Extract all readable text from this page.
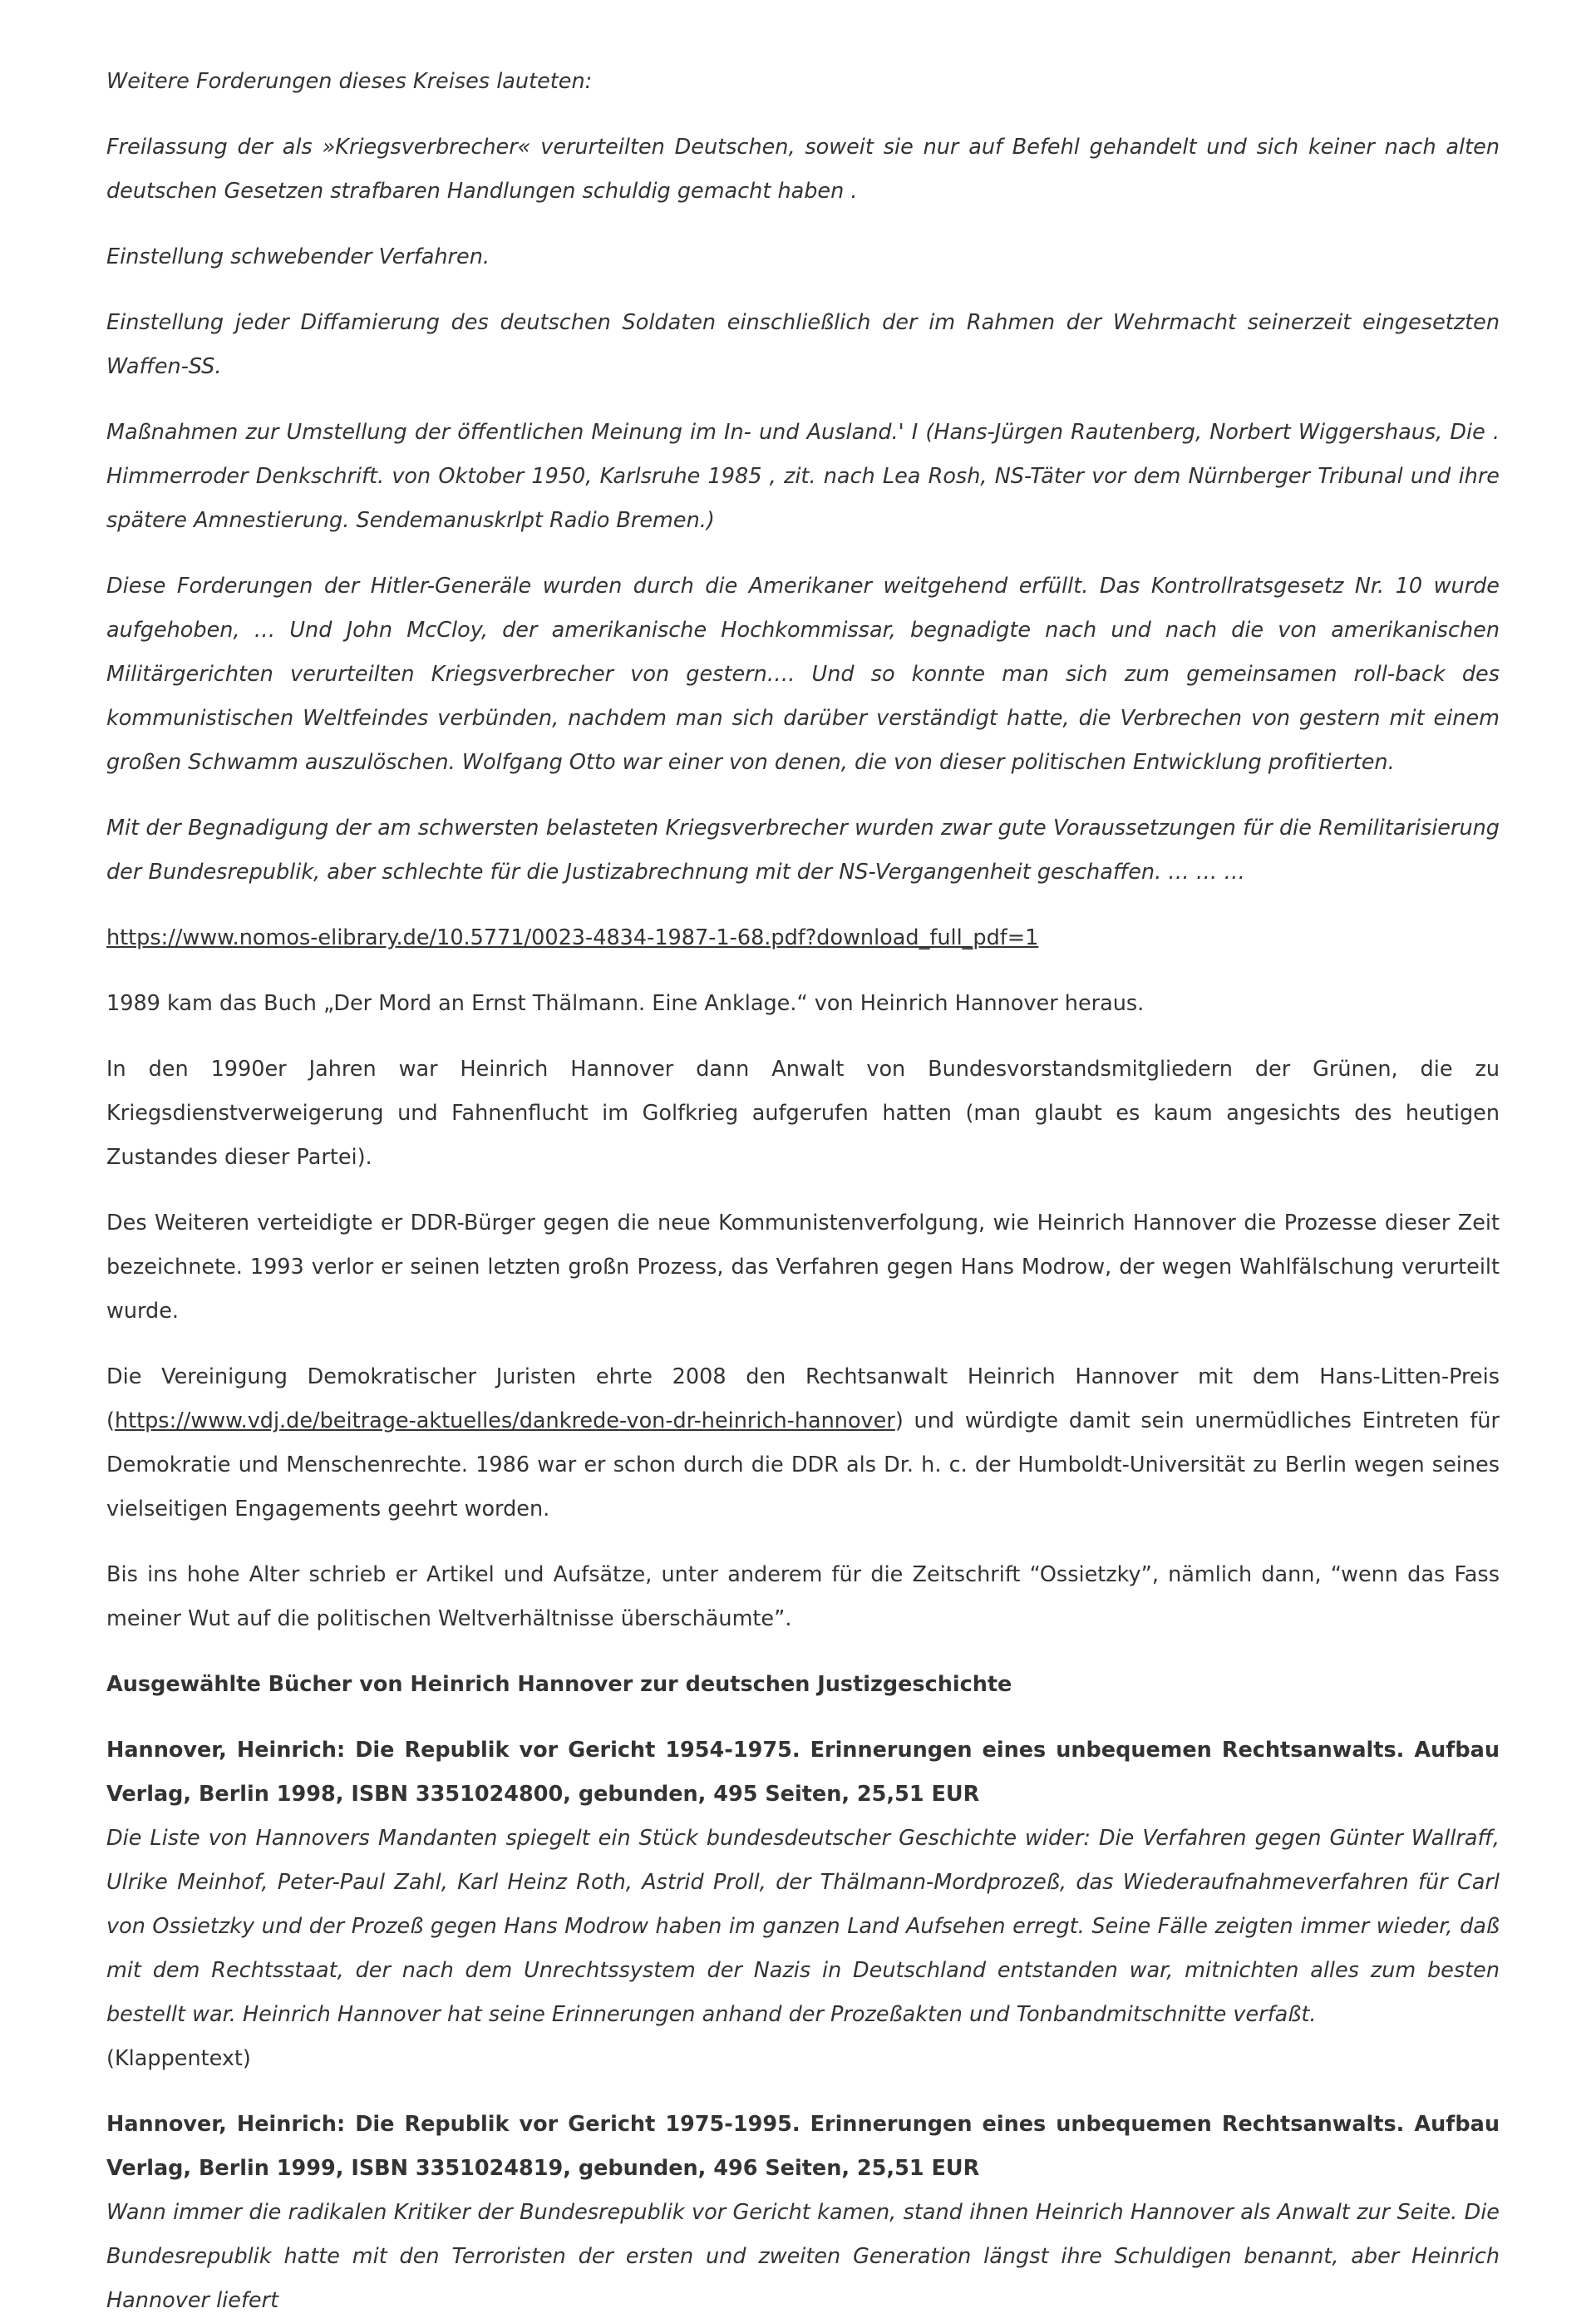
Weitere Forderungen dieses Kreises lauteten:

Freilassung der als »Kriegsverbrecher« verurteilten Deutschen, soweit sie nur auf Befehl gehandelt und sich keiner nach alten deutschen Gesetzen strafbaren Handlungen schuldig gemacht haben .

Einstellung schwebender Verfahren.

Einstellung jeder Diffamierung des deutschen Soldaten einschließlich der im Rahmen der Wehrmacht seinerzeit eingesetzten Waffen-SS.

Maßnahmen zur Umstellung der öffentlichen Meinung im In- und Ausland.' I (Hans-Jürgen Rautenberg, Norbert Wiggershaus, Die . Himmerroder Denkschrift. von Oktober 1950, Karlsruhe 1985 , zit. nach Lea Rosh, NS-Täter vor dem Nürnberger Tribunal und ihre spätere Amnestierung. Sendemanuskrlpt Radio Bremen.)

Diese Forderungen der Hitler-Generäle wurden durch die Amerikaner weitgehend erfüllt. Das Kontrollratsgesetz Nr. 10 wurde aufgehoben, … Und John McCloy, der amerikanische Hochkommissar, begnadigte nach und nach die von amerikanischen Militärgerichten verurteilten Kriegsverbrecher von gestern…. Und so konnte man sich zum gemeinsamen roll-back des kommunistischen Weltfeindes verbünden, nachdem man sich darüber verständigt hatte, die Verbrechen von gestern mit einem großen Schwamm auszulöschen. Wolfgang Otto war einer von denen, die von dieser politischen Entwicklung profitierten.

Mit der Begnadigung der am schwersten belasteten Kriegsverbrecher wurden zwar gute Voraussetzungen für die Remilitarisierung der Bundesrepublik, aber schlechte für die Justizabrechnung mit der NS-Vergangenheit geschaffen. … … …

https://www.nomos-elibrary.de/10.5771/0023-4834-1987-1-68.pdf?download_full_pdf=1

1989 kam das Buch „Der Mord an Ernst Thälmann. Eine Anklage.“ von Heinrich Hannover heraus.

In den 1990er Jahren war Heinrich Hannover dann Anwalt von Bundesvorstandsmitgliedern der Grünen, die zu Kriegsdienstverweigerung und Fahnenflucht im Golfkrieg aufgerufen hatten (man glaubt es kaum angesichts des heutigen Zustandes dieser Partei).

Des Weiteren verteidigte er DDR-Bürger gegen die neue Kommunistenverfolgung, wie Heinrich Hannover die Prozesse dieser Zeit bezeichnete. 1993 verlor er seinen letzten großn Prozess, das Verfahren gegen Hans Modrow, der wegen Wahlfälschung verurteilt wurde.

Die Vereinigung Demokratischer Juristen ehrte 2008 den Rechtsanwalt Heinrich Hannover mit dem Hans-Litten-Preis (https://www.vdj.de/beitrage-aktuelles/dankrede-von-dr-heinrich-hannover) und würdigte damit sein unermüdliches Eintreten für Demokratie und Menschenrechte. 1986 war er schon durch die DDR als Dr. h. c. der Humboldt-Universität zu Berlin wegen seines vielseitigen Engagements geehrt worden.

Bis ins hohe Alter schrieb er Artikel und Aufsätze, unter anderem für die Zeitschrift “Ossietzky”, nämlich dann, “wenn das Fass meiner Wut auf die politischen Weltverhältnisse überschäumte”.

Ausgewählte Bücher von Heinrich Hannover zur deutschen Justizgeschichte

Hannover, Heinrich: Die Republik vor Gericht 1954-1975. Erinnerungen eines unbequemen Rechtsanwalts. Aufbau Verlag, Berlin 1998, ISBN 3351024800, gebunden, 495 Seiten, 25,51 EUR

Die Liste von Hannovers Mandanten spiegelt ein Stück bundesdeutscher Geschichte wider: Die Verfahren gegen Günter Wallraff, Ulrike Meinhof, Peter-Paul Zahl, Karl Heinz Roth, Astrid Proll, der Thälmann-Mordprozeß, das Wiederaufnahmeverfahren für Carl von Ossietzky und der Prozeß gegen Hans Modrow haben im ganzen Land Aufsehen erregt. Seine Fälle zeigten immer wieder, daß mit dem Rechtsstaat, der nach dem Unrechtssystem der Nazis in Deutschland entstanden war, mitnichten alles zum besten bestellt war. Heinrich Hannover hat seine Erinnerungen anhand der Prozeßakten und Tonbandmitschnitte verfaßt.

(Klappentext)

Hannover, Heinrich: Die Republik vor Gericht 1975-1995. Erinnerungen eines unbequemen Rechtsanwalts. Aufbau Verlag, Berlin 1999, ISBN 3351024819, gebunden, 496 Seiten, 25,51 EUR

Wann immer die radikalen Kritiker der Bundesrepublik vor Gericht kamen, stand ihnen Heinrich Hannover als Anwalt zur Seite. Die Bundesrepublik hatte mit den Terroristen der ersten und zweiten Generation längst ihre Schuldigen benannt, aber Heinrich Hannover liefert
